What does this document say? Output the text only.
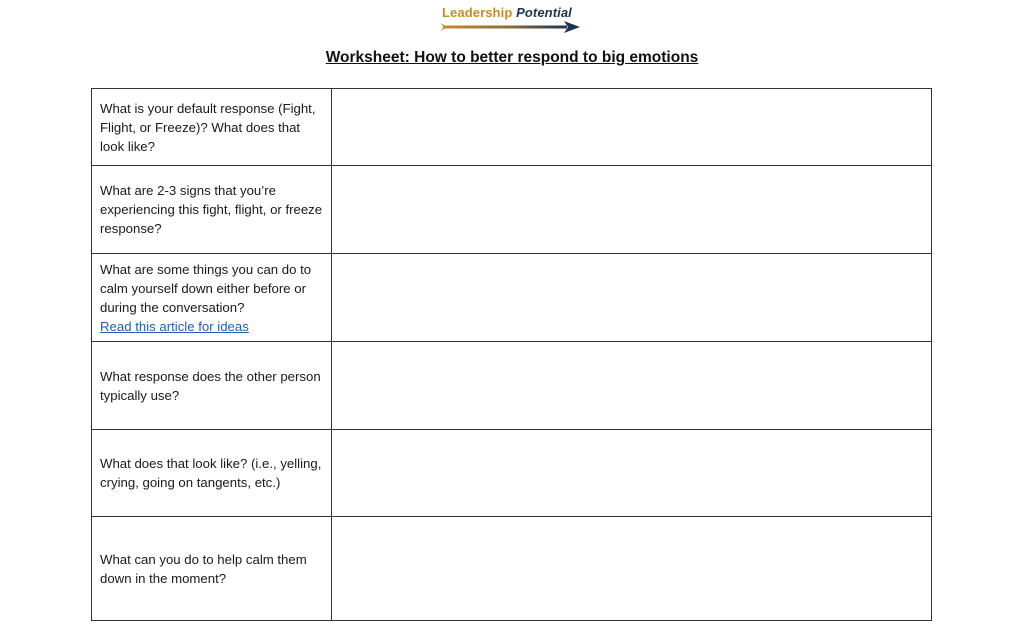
Leadership Potential
Worksheet: How to better respond to big emotions
What is your default response (Fight, Flight, or Freeze)? What does that look like?	
What are 2-3 signs that you’re experiencing this fight, flight, or freeze response?	
What are some things you can do to calm yourself down either before or during the conversation?
Read this article for ideas	

What response does the other person typically use?	
What does that look like? (i.e., yelling, crying, going on tangents, etc.)	
What can you do to help calm them down in the moment?	
